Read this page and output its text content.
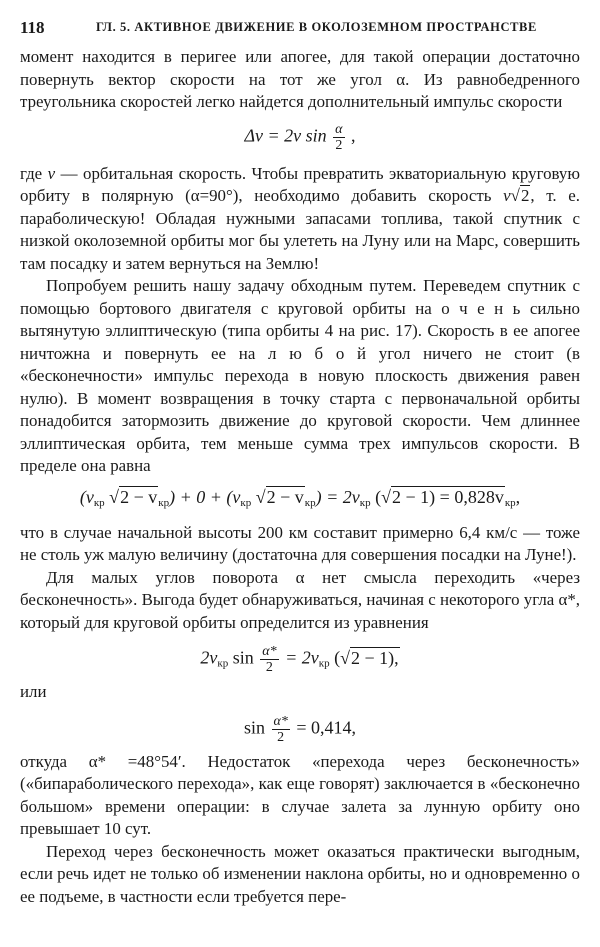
118	ГЛ. 5. АКТИВНОЕ ДВИЖЕНИЕ В ОКОЛОЗЕМНОМ ПРОСТРАНСТВЕ

момент находится в перигее или апогее, для такой операции достаточно повернуть вектор скорости на тот же угол α. Из равнобедренного треугольника скоростей легко найдется дополнительный импульс скорости

Δv = 2v $\sin \frac{\alpha}{2}$ ,

где v — орбитальная скорость. Чтобы превратить экваториальную круговую орбиту в полярную (α=90°), необходимо добавить скорость v√2, т. е. параболическую! Обладая нужными запасами топлива, такой спутник с низкой околоземной орбиты мог бы улететь на Луну или на Марс, совершить там посадку и затем вернуться на Землю!

Попробуем решить нашу задачу обходным путем. Переведем спутник с помощью бортового двигателя с круговой орбиты на о ч е н ь сильно вытянутую эллиптическую (типа орбиты 4 на рис. 17). Скорость в ее апогее ничтожна и повернуть ее на л ю б о й угол ничего не стоит (в «бесконечности» импульс перехода в новую плоскость движения равен нулю). В момент возвращения в точку старта с первоначальной орбиты понадобится затормозить движение до круговой скорости. Чем длиннее эллиптическая орбита, тем меньше сумма трех импульсов скорости. В пределе она равна

($v_{кр}$ $√2 - v_{кр}) + 0 + (v_{кр}$ $√2 - v_{кр}) = 2v_{кр}$ $(√2 - 1) = 0,828v_{кр}$,

что в случае начальной высоты 200 км составит примерно 6,4 км/с — тоже не столь уж малую величину (достаточна для совершения посадки на Луне!).

Для малых углов поворота α нет смысла переходить «через бесконечность». Выгода будет обнаруживаться, начиная с некоторого угла α*, который для круговой орбиты определится из уравнения

$2v_{кр}$ $\sin \frac{\alpha*}{2} = 2v_{кр}$ (√2 − 1),

или

$\sin \frac{\alpha*}{2} = 0,414$,

откуда α* =48°54′. Недостаток «перехода через бесконечность» («бипараболического перехода», как еще говорят) заключается в «бесконечно большом» времени операции: в случае залета за лунную орбиту оно превышает 10 сут.

Переход через бесконечность может оказаться практически выгодным, если речь идет не только об изменении наклона орбиты, но и одновременно о ее подъеме, в частности если требуется пере-
